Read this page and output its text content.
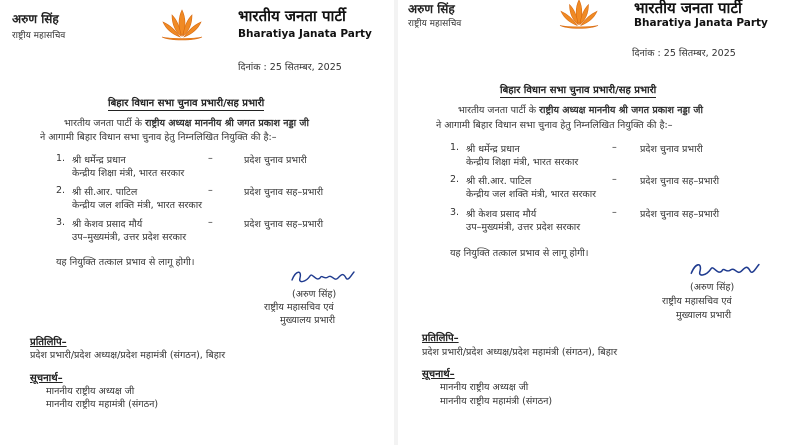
अरुण सिंह
राष्ट्रीय महासचिव
भारतीय जनता पार्टी
Bharatiya Janata Party
दिनांक : 25 सितम्बर, 2025
बिहार विधान सभा चुनाव प्रभारी/सह प्रभारी
भारतीय जनता पार्टी के राष्ट्रीय अध्यक्ष माननीय श्री जगत प्रकाश नड्डा जी
ने आगामी बिहार विधान सभा चुनाव हेतु निम्नलिखित नियुक्ति की है:–
1. श्री धर्मेन्द्र प्रधान
केन्द्रीय शिक्षा मंत्री, भारत सरकार
–	प्रदेश चुनाव प्रभारी
2. श्री सी.आर. पाटिल
केन्द्रीय जल शक्ति मंत्री, भारत सरकार
–	प्रदेश चुनाव सह–प्रभारी
3. श्री केशव प्रसाद मौर्य
उप–मुख्यमंत्री, उत्तर प्रदेश सरकार
–	प्रदेश चुनाव सह–प्रभारी
यह नियुक्ति तत्काल प्रभाव से लागू होगी।
(अरुण सिंह)
राष्ट्रीय महासचिव एवं
मुख्यालय प्रभारी
प्रतिलिपि–
प्रदेश प्रभारी/प्रदेश अध्यक्ष/प्रदेश महामंत्री (संगठन), बिहार
सूचनार्थ–
माननीय राष्ट्रीय अध्यक्ष जी
माननीय राष्ट्रीय महामंत्री (संगठन)
अरुण सिंह
राष्ट्रीय महासचिव
भारतीय जनता पार्टी
Bharatiya Janata Party
दिनांक : 25 सितम्बर, 2025
बिहार विधान सभा चुनाव प्रभारी/सह प्रभारी
भारतीय जनता पार्टी के राष्ट्रीय अध्यक्ष माननीय श्री जगत प्रकाश नड्डा जी
ने आगामी बिहार विधान सभा चुनाव हेतु निम्नलिखित नियुक्ति की है:–
1. श्री धर्मेन्द्र प्रधान
केन्द्रीय शिक्षा मंत्री, भारत सरकार
– प्रदेश चुनाव प्रभारी
2. श्री सी.आर. पाटिल
केन्द्रीय जल शक्ति मंत्री, भारत सरकार
– प्रदेश चुनाव सह–प्रभारी
3. श्री केशव प्रसाद मौर्य
उप–मुख्यमंत्री, उत्तर प्रदेश सरकार
– प्रदेश चुनाव सह–प्रभारी
यह नियुक्ति तत्काल प्रभाव से लागू होगी।
(अरुण सिंह)
राष्ट्रीय महासचिव एवं
मुख्यालय प्रभारी
प्रतिलिपि–
प्रदेश प्रभारी/प्रदेश अध्यक्ष/प्रदेश महामंत्री (संगठन), बिहार
सूचनार्थ–
माननीय राष्ट्रीय अध्यक्ष जी
माननीय राष्ट्रीय महामंत्री (संगठन)
